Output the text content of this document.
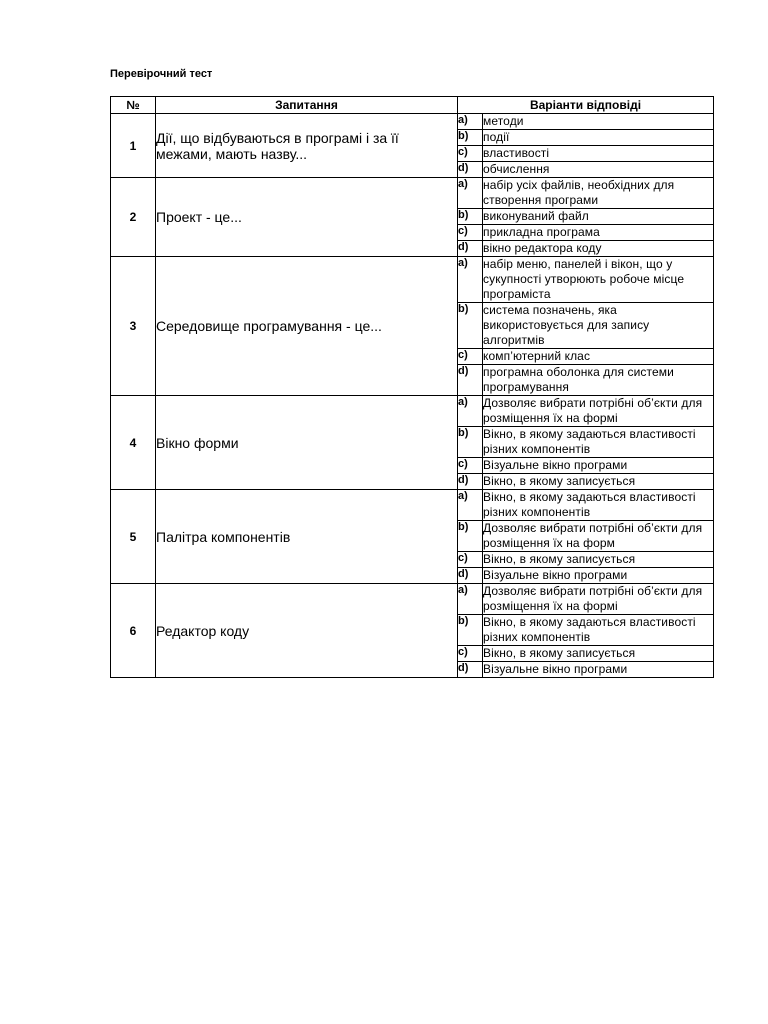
Перевірочний тест
№	Запитання	Варіанти відповіді	
1	Дії, що відбуваються в програмі і за її межами, мають назву...	a)	методи
		b)	події
		c)	властивості
		d)	обчислення
2	Проект - це...	a)	набір усіх файлів, необхідних для створення програми
		b)	виконуваний файл
		c)	прикладна програма
		d)	вікно редактора коду
3	Середовище програмування - це...	a)	набір меню, панелей і вікон, що у сукупності утворюють робоче місце програміста
		b)	система позначень, яка використовується для запису алгоритмів
		c)	комп’ютерний клас
		d)	програмна оболонка для системи програмування
4	Вікно форми	a)	Дозволяє вибрати потрібні об’єкти для розміщення їх на формі
		b)	Вікно, в якому задаються властивості різних компонентів
		c)	Візуальне вікно програми
		d)	Вікно, в якому записується
5	Палітра компонентів	a)	Вікно, в якому задаються властивості різних компонентів
		b)	Дозволяє вибрати потрібні об’єкти для розміщення їх на форм
		c)	Вікно, в якому записується
		d)	Візуальне вікно програми
6	Редактор коду	a)	Дозволяє вибрати потрібні об’єкти для розміщення їх на формі
		b)	Вікно, в якому задаються властивості різних компонентів
		c)	Вікно, в якому записується
		d)	Візуальне вікно програми
